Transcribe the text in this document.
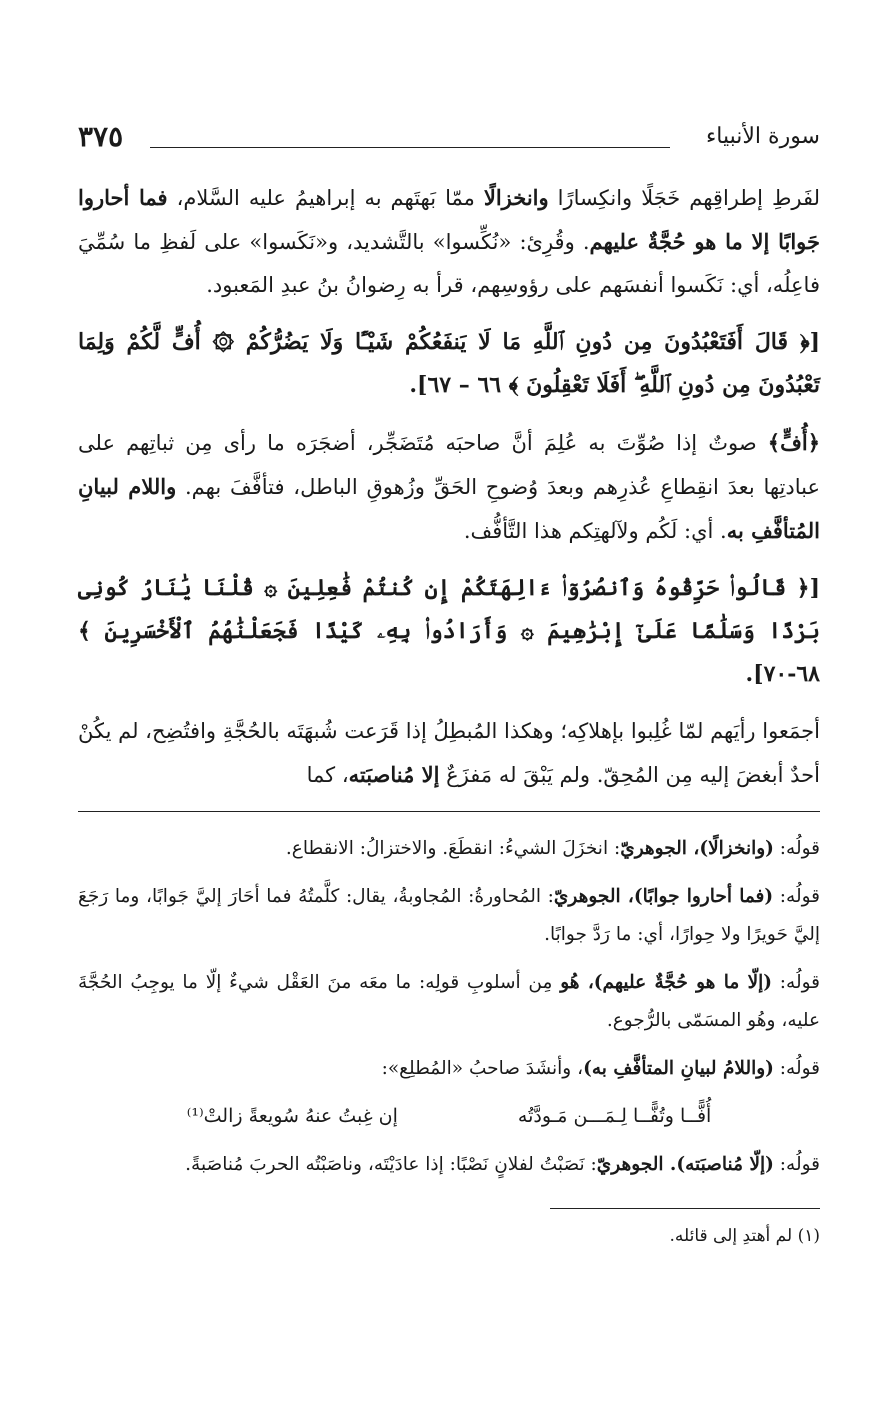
سورة الأنبياء
٣٧٥

لفَرطِ إطراقِهم خَجَلًا وانكِسارًا وانخزالًا ممّا بَهتَهم به إبراهيمُ عليه السَّلام، فما أحاروا جَوابًا إلا ما هو حُجَّةٌ عليهم. وقُرِئ: «نُكِّسوا» بالتَّشديد، و«نَكَسوا» على لَفظِ ما سُمِّيَ فاعِلُه، أي: نَكَسوا أنفسَهم على رؤوسِهم، قرأ به رِضوانُ بنُ عبدِ المَعبود.

[﴿ قَالَ أَفَتَعْبُدُونَ مِن دُونِ ٱللَّهِ مَا لَا يَنفَعُكُمْ شَيْـًٔا وَلَا يَضُرُّكُمْ ۞ أُفٍّ لَّكُمْ وَلِمَا تَعْبُدُونَ مِن دُونِ ٱللَّهِ ۖ أَفَلَا تَعْقِلُونَ ﴾ ٦٦ – ٦٧].

﴿أُفٍّ﴾ صوتٌ إذا صُوِّتَ به عُلِمَ أنَّ صاحبَه مُتَضَجِّر، أضجَرَه ما رأى مِن ثباتِهم على عبادتِها بعدَ انقِطاعِ عُذرِهم وبعدَ وُضوحِ الحَقِّ وزُهوقِ الباطل، فتأفَّفَ بهم. واللام لبيانِ المُتأفَّفِ به. أي: لَكُم ولآلهتِكم هذا التَّأفُّف.

[﴿ قَالُوا۟ حَرِّقُوهُ وَٱنصُرُوٓا۟ ءَالِهَتَكُمْ إِن كُنتُمْ فَٰعِلِينَ ۞ قُلْنَا يَٰنَارُ كُونِى بَرْدًا وَسَلَٰمًا عَلَىٰٓ إِبْرَٰهِيمَ ۞ وَأَرَادُوا۟ بِهِۦ كَيْدًا فَجَعَلْنَٰهُمُ ٱلْأَخْسَرِينَ ﴾ ٦٨-٧٠].

أجمَعوا رأيَهم لمّا غُلِبوا بإهلاكِه؛ وهكذا المُبطِلُ إذا قَرَعت شُبهَتَه بالحُجَّةِ وافتُضِح، لم يكُنْ أحدٌ أبغضَ إليه مِن المُحِقّ. ولم يَبْقَ له مَفزَعٌ إلا مُناصبَته، كما

قولُه: (وانخزالًا)، الجوهريّ: انخزَلَ الشيءُ: انقطَعَ. والاختزالُ: الانقطاع.

قولُه: (فما أحاروا جوابًا)، الجوهريّ: المُحاورةُ: المُجاوبةُ، يقال: كلَّمتُهُ فما أحَارَ إليَّ جَوابًا، وما رَجَعَ إليَّ حَويرًا ولا حِوارًا، أي: ما رَدَّ جوابًا.

قولُه: (إلّا ما هو حُجَّةٌ عليهم)، هُو مِن أسلوبِ قولِه: ما معَه منَ العَقْل شيءٌ إلّا ما يوجِبُ الحُجَّةَ عليه، وهُو المسَمّى بالرُّجوع.

قولُه: (واللامُ لبيانِ المتأفَّفِ به)، وأنشَدَ صاحبُ «المُطلِع»:

أُفًّــا وتُفًّــا لِـمَـــن مَـودَّتُه
إن غِبتُ عنهُ سُويعةً زالتْ⁽¹⁾

قولُه: (إلّا مُناصبَته). الجوهريّ: نَصَبْتُ لفلانٍ نَصْبًا: إذا عادَيْتَه، وناصَبْتُه الحربَ مُناصَبةً.

(١) لم أهتدِ إلى قائله.
